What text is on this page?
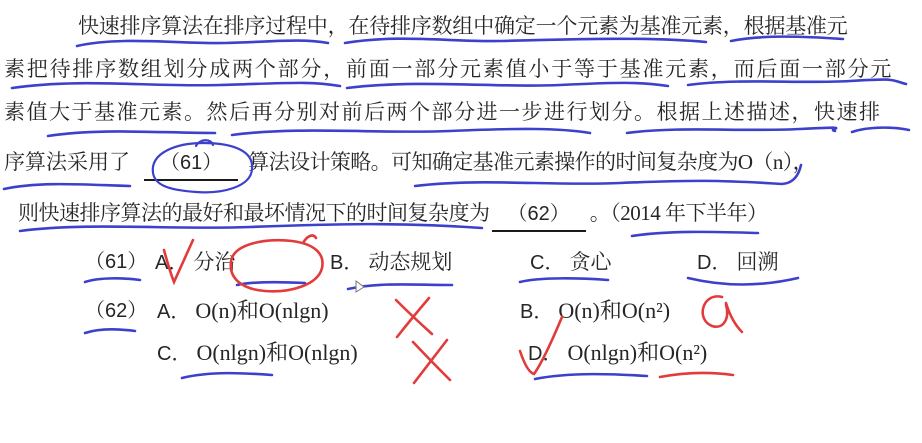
快速排序算法在排序过程中，在待排序数组中确定一个元素为基准元素，根据基准元
素把待排序数组划分成两个部分，前面一部分元素值小于等于基准元素，而后面一部分元
素值大于基准元素。然后再分别对前后两个部分进一步进行划分。根据上述描述，快速排
序算法采用了 （61） 算法设计策略。可知确定基准元素操作的时间复杂度为O（n），
则快速排序算法的最好和最坏情况下的时间复杂度为 （62） 。（2014 年下半年）
（61） A． 分治	B． 动态规划	C． 贪心	D． 回溯
（62） A． O(n)和O(nlgn)	B． O(n)和O(n²)
C． O(nlgn)和O(nlgn)	D． O(nlgn)和O(n²)
